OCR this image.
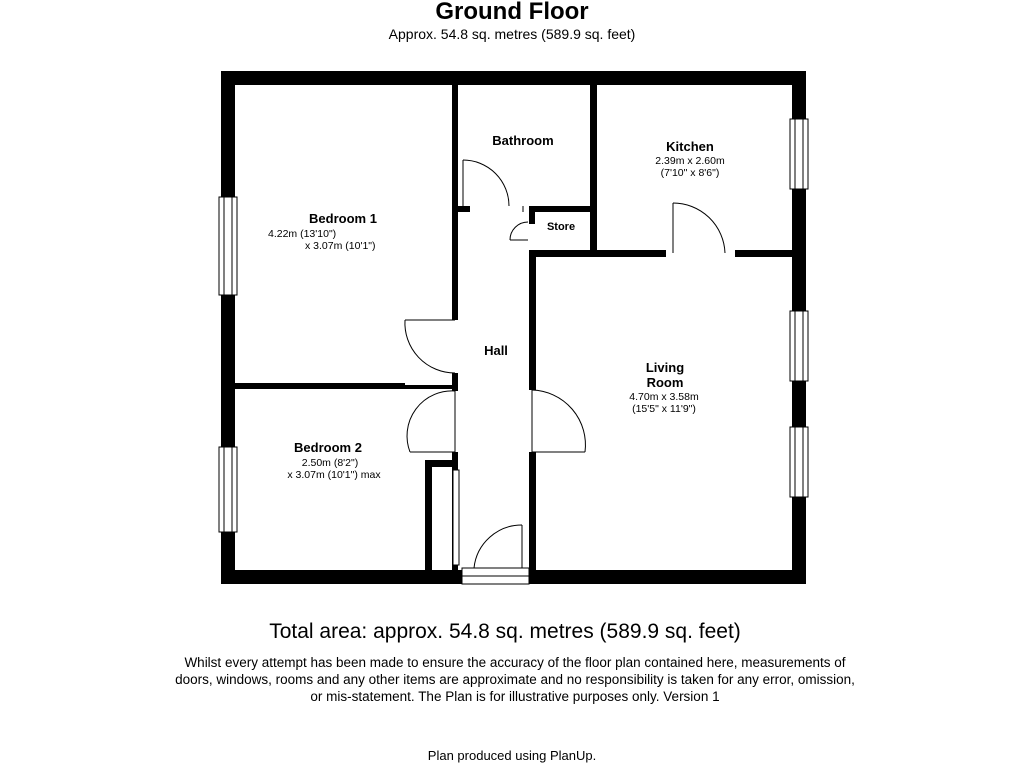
Ground Floor
Approx. 54.8 sq. metres (589.9 sq. feet)
Bedroom 1
4.22m (13'10")
x 3.07m (10'1")
Bathroom	Kitchen
2.39m x 2.60m
(7'10" x 8'6")
Store
Hall
Living
Room
4.70m x 3.58m
(15'5" x 11'9")
Bedroom 2
2.50m (8'2")
x 3.07m (10'1") max
Total area: approx. 54.8 sq. metres (589.9 sq. feet)
Whilst every attempt has been made to ensure the accuracy of the floor plan contained here, measurements of
doors, windows, rooms and any other items are approximate and no responsibility is taken for any error, omission,
or mis-statement. The Plan is for illustrative purposes only. Version 1
Plan produced using PlanUp.
